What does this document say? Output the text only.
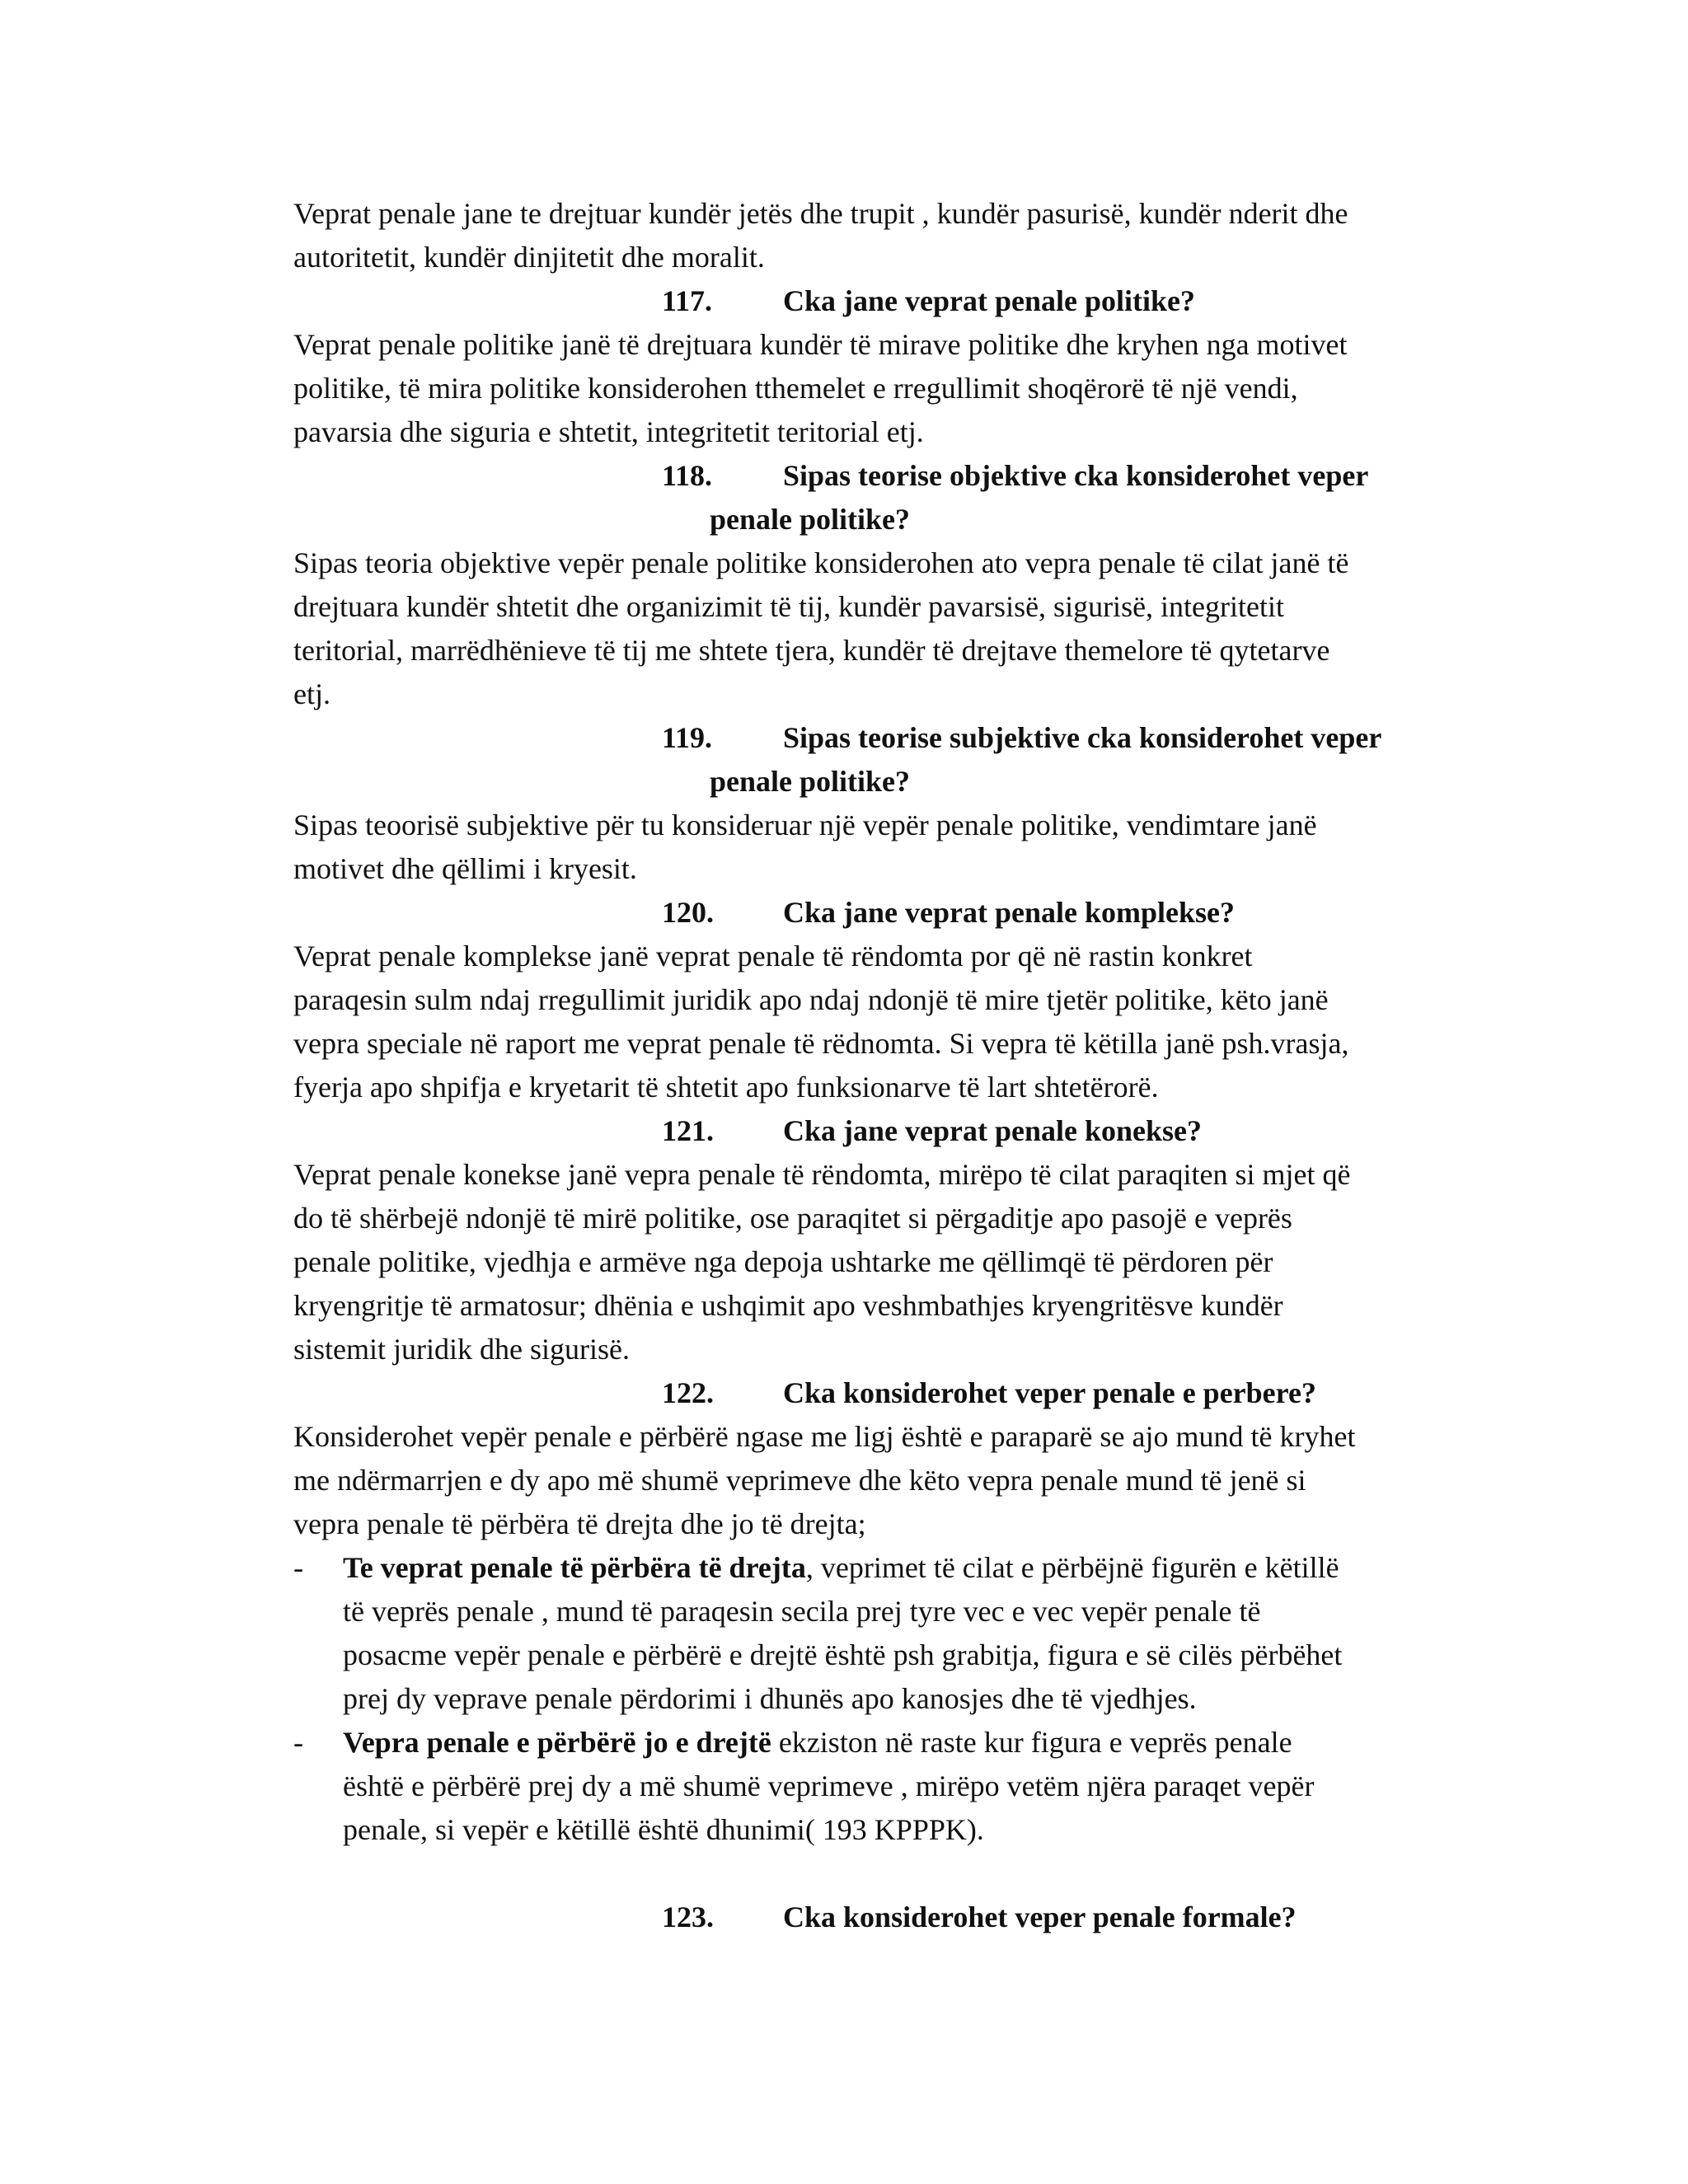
Veprat penale jane te drejtuar kundër jetës dhe trupit , kundër pasurisë, kundër nderit dhe
autoritetit, kundër dinjitetit dhe moralit.
117. Cka jane veprat penale politike?
Veprat penale politike janë të drejtuara kundër të mirave politike dhe kryhen nga motivet
politike, të mira politike konsiderohen tthemelet e rregullimit shoqërorë të një vendi,
pavarsia dhe siguria e shtetit, integritetit teritorial etj.
118. Sipas teorise objektive cka konsiderohet veper
penale politike?
Sipas teoria objektive vepër penale politike konsiderohen ato vepra penale të cilat janë të
drejtuara kundër shtetit dhe organizimit të tij, kundër pavarsisë, sigurisë, integritetit
teritorial, marrëdhënieve të tij me shtete tjera, kundër të drejtave themelore të qytetarve
etj.
119. Sipas teorise subjektive cka konsiderohet veper
penale politike?
Sipas teoorisë subjektive për tu konsideruar një vepër penale politike, vendimtare janë
motivet dhe qëllimi i kryesit.
120. Cka jane veprat penale komplekse?
Veprat penale komplekse janë veprat penale të rëndomta por që në rastin konkret
paraqesin sulm ndaj rregullimit juridik apo ndaj ndonjë të mire tjetër politike, këto janë
vepra speciale në raport me veprat penale të rëdnomta. Si vepra të këtilla janë psh.vrasja,
fyerja apo shpifja e kryetarit të shtetit apo funksionarve të lart shtetërorë.
121. Cka jane veprat penale konekse?
Veprat penale konekse janë vepra penale të rëndomta, mirëpo të cilat paraqiten si mjet që
do të shërbejë ndonjë të mirë politike, ose paraqitet si përgaditje apo pasojë e veprës
penale politike, vjedhja e armëve nga depoja ushtarke me qëllimqë të përdoren për
kryengritje të armatosur; dhënia e ushqimit apo veshmbathjes kryengritësve kundër
sistemit juridik dhe sigurisë.
122. Cka konsiderohet veper penale e perbere?
Konsiderohet vepër penale e përbërë ngase me ligj është e paraparë se ajo mund të kryhet
me ndërmarrjen e dy apo më shumë veprimeve dhe këto vepra penale mund të jenë si
vepra penale të përbëra të drejta dhe jo të drejta;
- Te veprat penale të përbëra të drejta, veprimet të cilat e përbëjnë figurën e këtillë
të veprës penale , mund të paraqesin secila prej tyre vec e vec vepër penale të
posacme vepër penale e përbërë e drejtë është psh grabitja, figura e së cilës përbëhet
prej dy veprave penale përdorimi i dhunës apo kanosjes dhe të vjedhjes.
- Vepra penale e përbërë jo e drejtë ekziston në raste kur figura e veprës penale
është e përbërë prej dy a më shumë veprimeve , mirëpo vetëm njëra paraqet vepër
penale, si vepër e këtillë është dhunimi( 193 KPPPK).
123. Cka konsiderohet veper penale formale?
